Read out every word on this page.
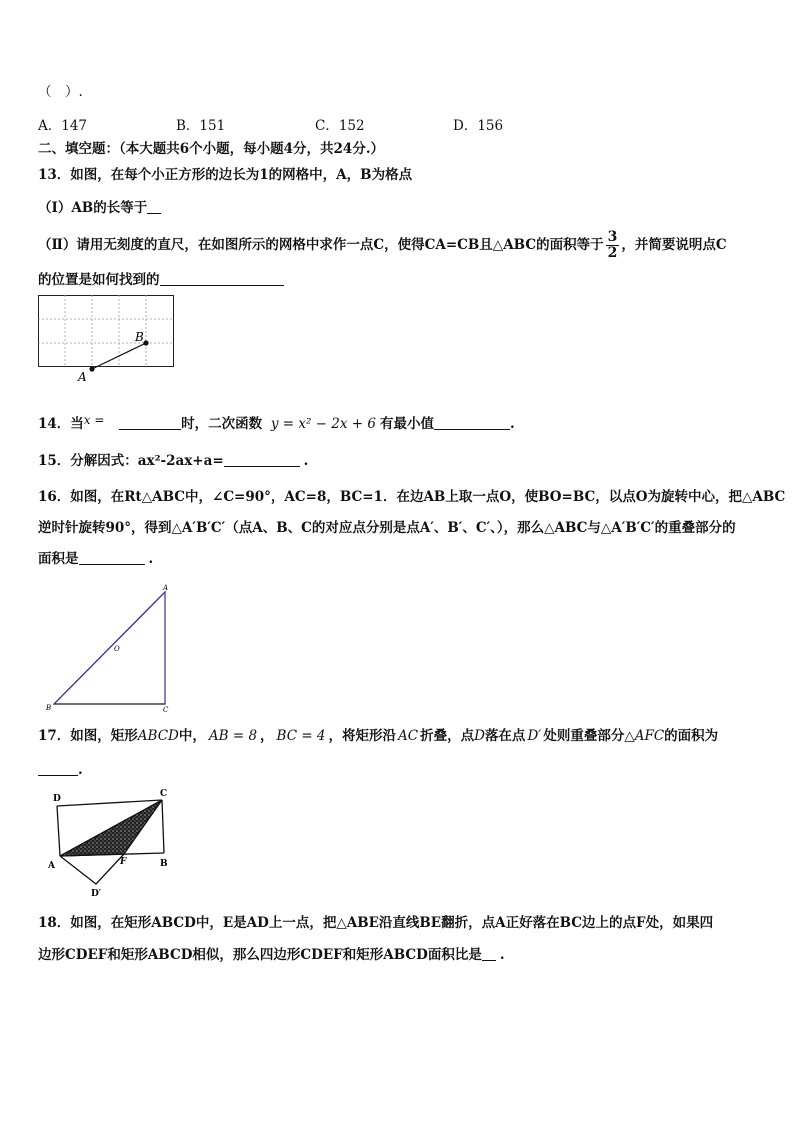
（　）.
A．147	B．151	C．152	D．156
二、填空题：（本大题共6个小题，每小题4分，共24分.）
13．如图，在每个小正方形的边长为1的网格中，A，B为格点
（Ⅰ）AB的长等于
（Ⅱ）请用无刻度的直尺，在如图所示的网格中求作一点C，使得CA=CB且△ABC的面积等于 $\frac{3}{2}$ ，并简要说明点C
的位置是如何找到的
A
B
14．当x =	时，二次函数 y = x² − 2x + 6 有最小值	.
15．分解因式：ax²-2ax+a=	.
16．如图，在Rt△ABC中，∠C=90°，AC=8，BC=1．在边AB上取一点O，使BO=BC，以点O为旋转中心，把△ABC
逆时针旋转90°，得到△A′B′C′（点A、B、C的对应点分别是点A′、B′、C′、），那么△ABC与△A′B′C′的重叠部分的
面积是	.
A
B	C
O
17．如图，矩形ABCD中， AB = 8 ， BC = 4 ，将矩形沿 AC 折叠，点D落在点 D′ 处则重叠部分△AFC的面积为
.
D	C
A	B
F
D′
18．如图，在矩形ABCD中，E是AD上一点，把△ABE沿直线BE翻折，点A正好落在BC边上的点F处，如果四
边形CDEF和矩形ABCD相似，那么四边形CDEF和矩形ABCD面积比是 .
